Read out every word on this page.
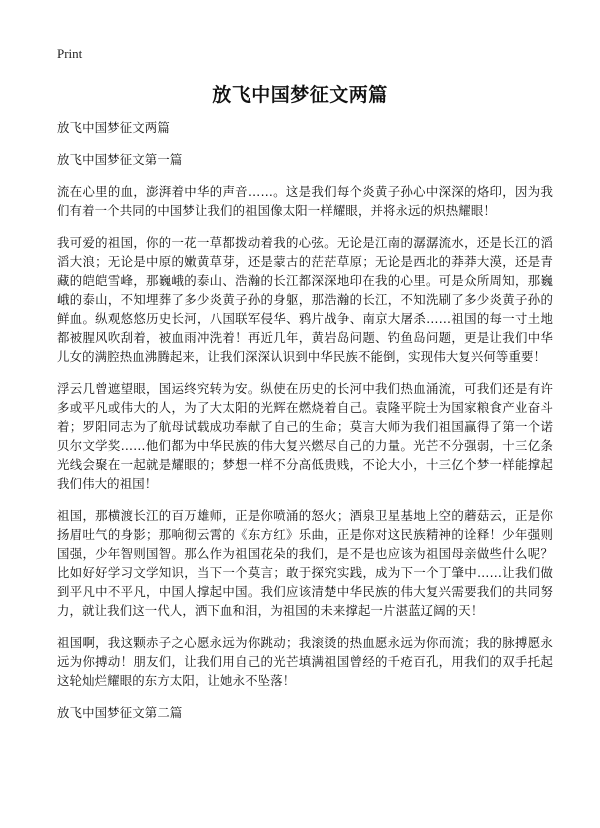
Print
放飞中国梦征文两篇

放飞中国梦征文两篇

放飞中国梦征文第一篇

流在心里的血，澎湃着中华的声音……。这是我们每个炎黄子孙心中深深的烙印，因为我们有着一个共同的中国梦让我们的祖国像太阳一样耀眼，并将永远的炽热耀眼！

我可爱的祖国，你的一花一草都拨动着我的心弦。无论是江南的潺潺流水，还是长江的滔滔大浪；无论是中原的嫩黄草芽，还是蒙古的茫茫草原；无论是西北的莽莽大漠，还是青藏的皑皑雪峰，那巍峨的泰山、浩瀚的长江都深深地印在我的心里。可是众所周知，那巍峨的泰山，不知埋葬了多少炎黄子孙的身躯，那浩瀚的长江，不知洗刷了多少炎黄子孙的鲜血。纵观悠悠历史长河，八国联军侵华、鸦片战争、南京大屠杀……祖国的每一寸土地都被腥风吹刮着，被血雨冲洗着！再近几年，黄岩岛问题、钓鱼岛问题，更是让我们中华儿女的满腔热血沸腾起来，让我们深深认识到中华民族不能倒，实现伟大复兴何等重要！

浮云几曾遮望眼，国运终究转为安。纵使在历史的长河中我们热血涌流，可我们还是有许多或平凡或伟大的人，为了大太阳的光辉在燃烧着自己。袁隆平院士为国家粮食产业奋斗着；罗阳同志为了航母试载成功奉献了自己的生命；莫言大师为我们祖国赢得了第一个诺贝尔文学奖……他们都为中华民族的伟大复兴燃尽自己的力量。光芒不分强弱，十三亿条光线会聚在一起就是耀眼的；梦想一样不分高低贵贱，不论大小，十三亿个梦一样能撑起我们伟大的祖国！

祖国，那横渡长江的百万雄师，正是你喷涌的怒火；酒泉卫星基地上空的蘑菇云，正是你扬眉吐气的身影；那响彻云霄的《东方红》乐曲，正是你对这民族精神的诠释！少年强则国强，少年智则国智。那么作为祖国花朵的我们，是不是也应该为祖国母亲做些什么呢？比如好好学习文学知识，当下一个莫言；敢于探究实践，成为下一个丁肇中……让我们做到平凡中不平凡，中国人撑起中国。我们应该清楚中华民族的伟大复兴需要我们的共同努力，就让我们这一代人，洒下血和泪，为祖国的未来撑起一片湛蓝辽阔的天！

祖国啊，我这颗赤子之心愿永远为你跳动；我滚烫的热血愿永远为你而流；我的脉搏愿永远为你搏动！朋友们，让我们用自己的光芒填满祖国曾经的千疮百孔，用我们的双手托起这轮灿烂耀眼的东方太阳，让她永不坠落！

放飞中国梦征文第二篇
